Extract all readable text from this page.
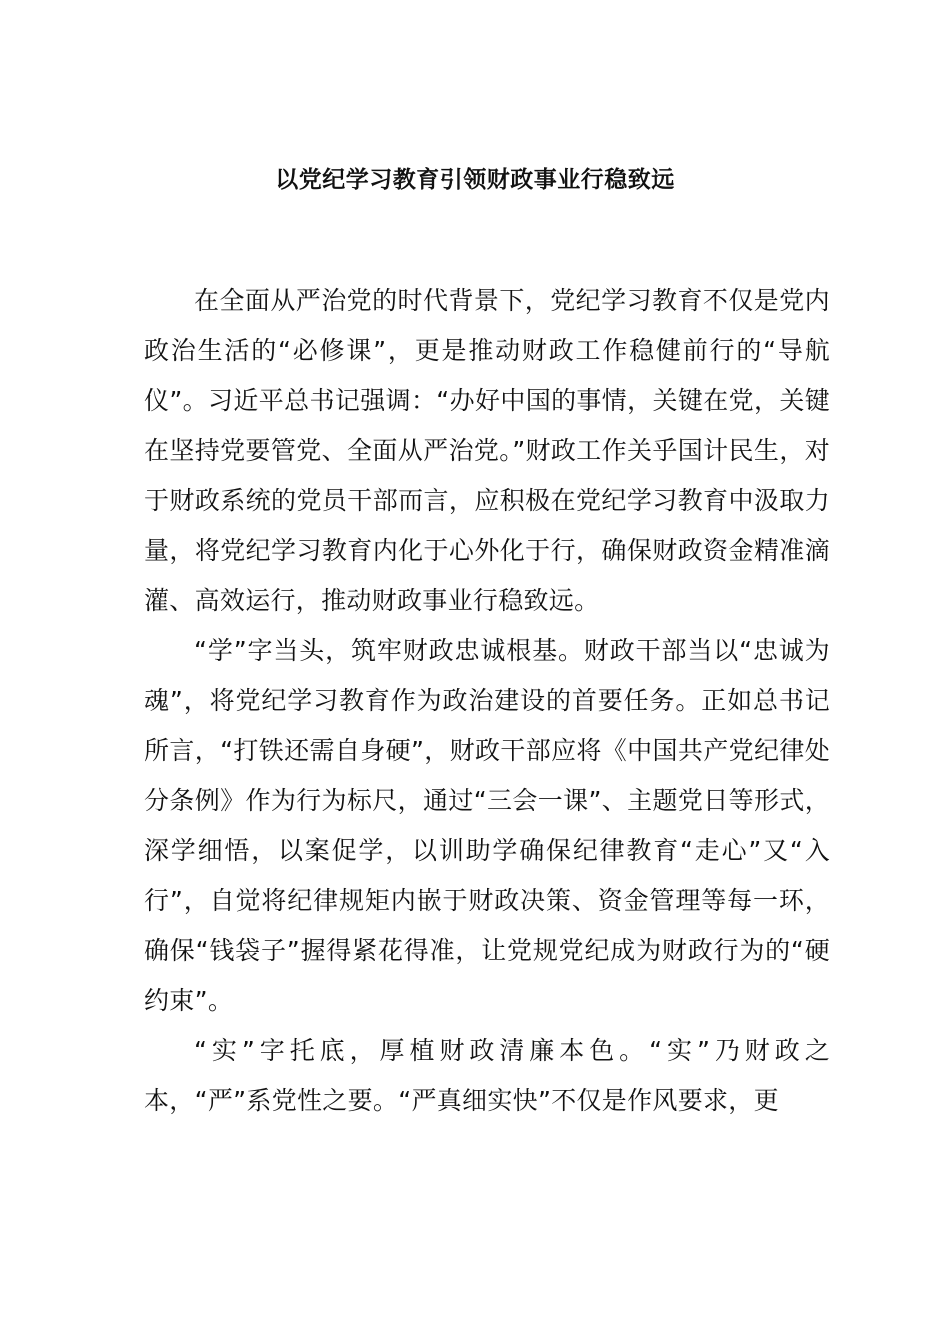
以党纪学习教育引领财政事业行稳致远

在全面从严治党的时代背景下，党纪学习教育不仅是党内政治生活的“必修课”，更是推动财政工作稳健前行的“导航仪”。习近平总书记强调：“办好中国的事情，关键在党，关键在坚持党要管党、全面从严治党。”财政工作关乎国计民生，对于财政系统的党员干部而言，应积极在党纪学习教育中汲取力量，将党纪学习教育内化于心外化于行，确保财政资金精准滴灌、高效运行，推动财政事业行稳致远。

“学”字当头，筑牢财政忠诚根基。财政干部当以“忠诚为魂”，将党纪学习教育作为政治建设的首要任务。正如总书记所言，“打铁还需自身硬”，财政干部应将《中国共产党纪律处分条例》作为行为标尺，通过“三会一课”、主题党日等形式，深学细悟，以案促学，以训助学确保纪律教育“走心”又“入行”，自觉将纪律规矩内嵌于财政决策、资金管理等每一环，确保“钱袋子”握得紧花得准，让党规党纪成为财政行为的“硬约束”。

“实”字托底，厚植财政清廉本色。“实”乃财政之本，“严”系党性之要。“严真细实快”不仅是作风要求，更
